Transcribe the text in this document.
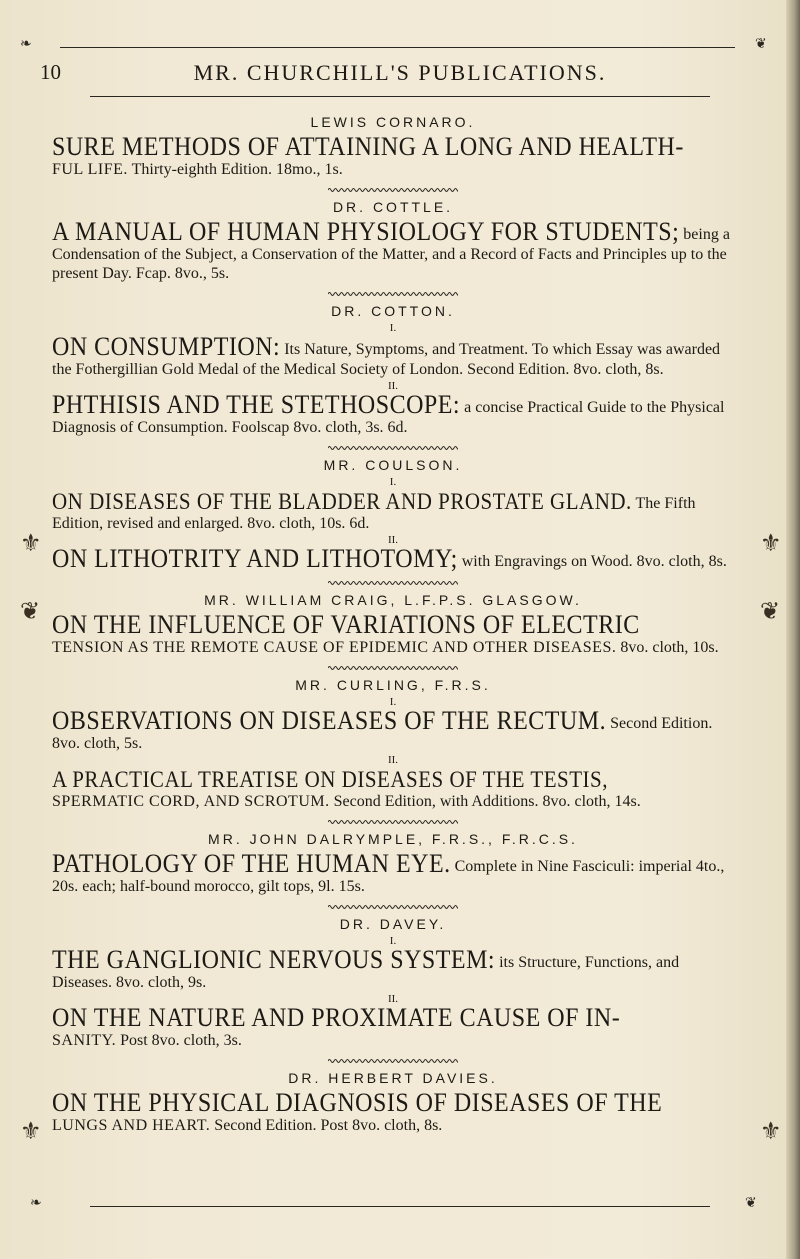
❧	❦
10	MR. CHURCHILL'S PUBLICATIONS.
⚜	⚜
❦	❦
⚜	⚜
LEWIS CORNARO.
SURE METHODS OF ATTAINING A LONG AND HEALTH-
FUL LIFE. Thirty-eighth Edition. 18mo., 1s.
DR. COTTLE.
A MANUAL OF HUMAN PHYSIOLOGY FOR STUDENTS; being a Condensation of the Subject, a Conservation of the Matter, and a Record of Facts and Principles up to the present Day. Fcap. 8vo., 5s.
DR. COTTON.
I.
ON CONSUMPTION: Its Nature, Symptoms, and Treatment. To which Essay was awarded the Fothergillian Gold Medal of the Medical Society of London. Second Edition. 8vo. cloth, 8s.
II.
PHTHISIS AND THE STETHOSCOPE: a concise Practical Guide to the Physical Diagnosis of Consumption. Foolscap 8vo. cloth, 3s. 6d.
MR. COULSON.
I.
ON DISEASES OF THE BLADDER AND PROSTATE GLAND. The Fifth Edition, revised and enlarged. 8vo. cloth, 10s. 6d.
II.
ON LITHOTRITY AND LITHOTOMY; with Engravings on Wood. 8vo. cloth, 8s.
MR. WILLIAM CRAIG, L.F.P.S. GLASGOW.
ON THE INFLUENCE OF VARIATIONS OF ELECTRIC
TENSION AS THE REMOTE CAUSE OF EPIDEMIC AND OTHER DISEASES. 8vo. cloth, 10s.
MR. CURLING, F.R.S.
I.
OBSERVATIONS ON DISEASES OF THE RECTUM. Second Edition. 8vo. cloth, 5s.
II.
A PRACTICAL TREATISE ON DISEASES OF THE TESTIS,
SPERMATIC CORD, AND SCROTUM. Second Edition, with Additions. 8vo. cloth, 14s.
MR. JOHN DALRYMPLE, F.R.S., F.R.C.S.
PATHOLOGY OF THE HUMAN EYE. Complete in Nine Fasciculi: imperial 4to., 20s. each; half-bound morocco, gilt tops, 9l. 15s.
DR. DAVEY.
I.
THE GANGLIONIC NERVOUS SYSTEM: its Structure, Functions, and Diseases. 8vo. cloth, 9s.
II.
ON THE NATURE AND PROXIMATE CAUSE OF IN-
SANITY. Post 8vo. cloth, 3s.
DR. HERBERT DAVIES.
ON THE PHYSICAL DIAGNOSIS OF DISEASES OF THE
LUNGS AND HEART. Second Edition. Post 8vo. cloth, 8s.
❧	❦
